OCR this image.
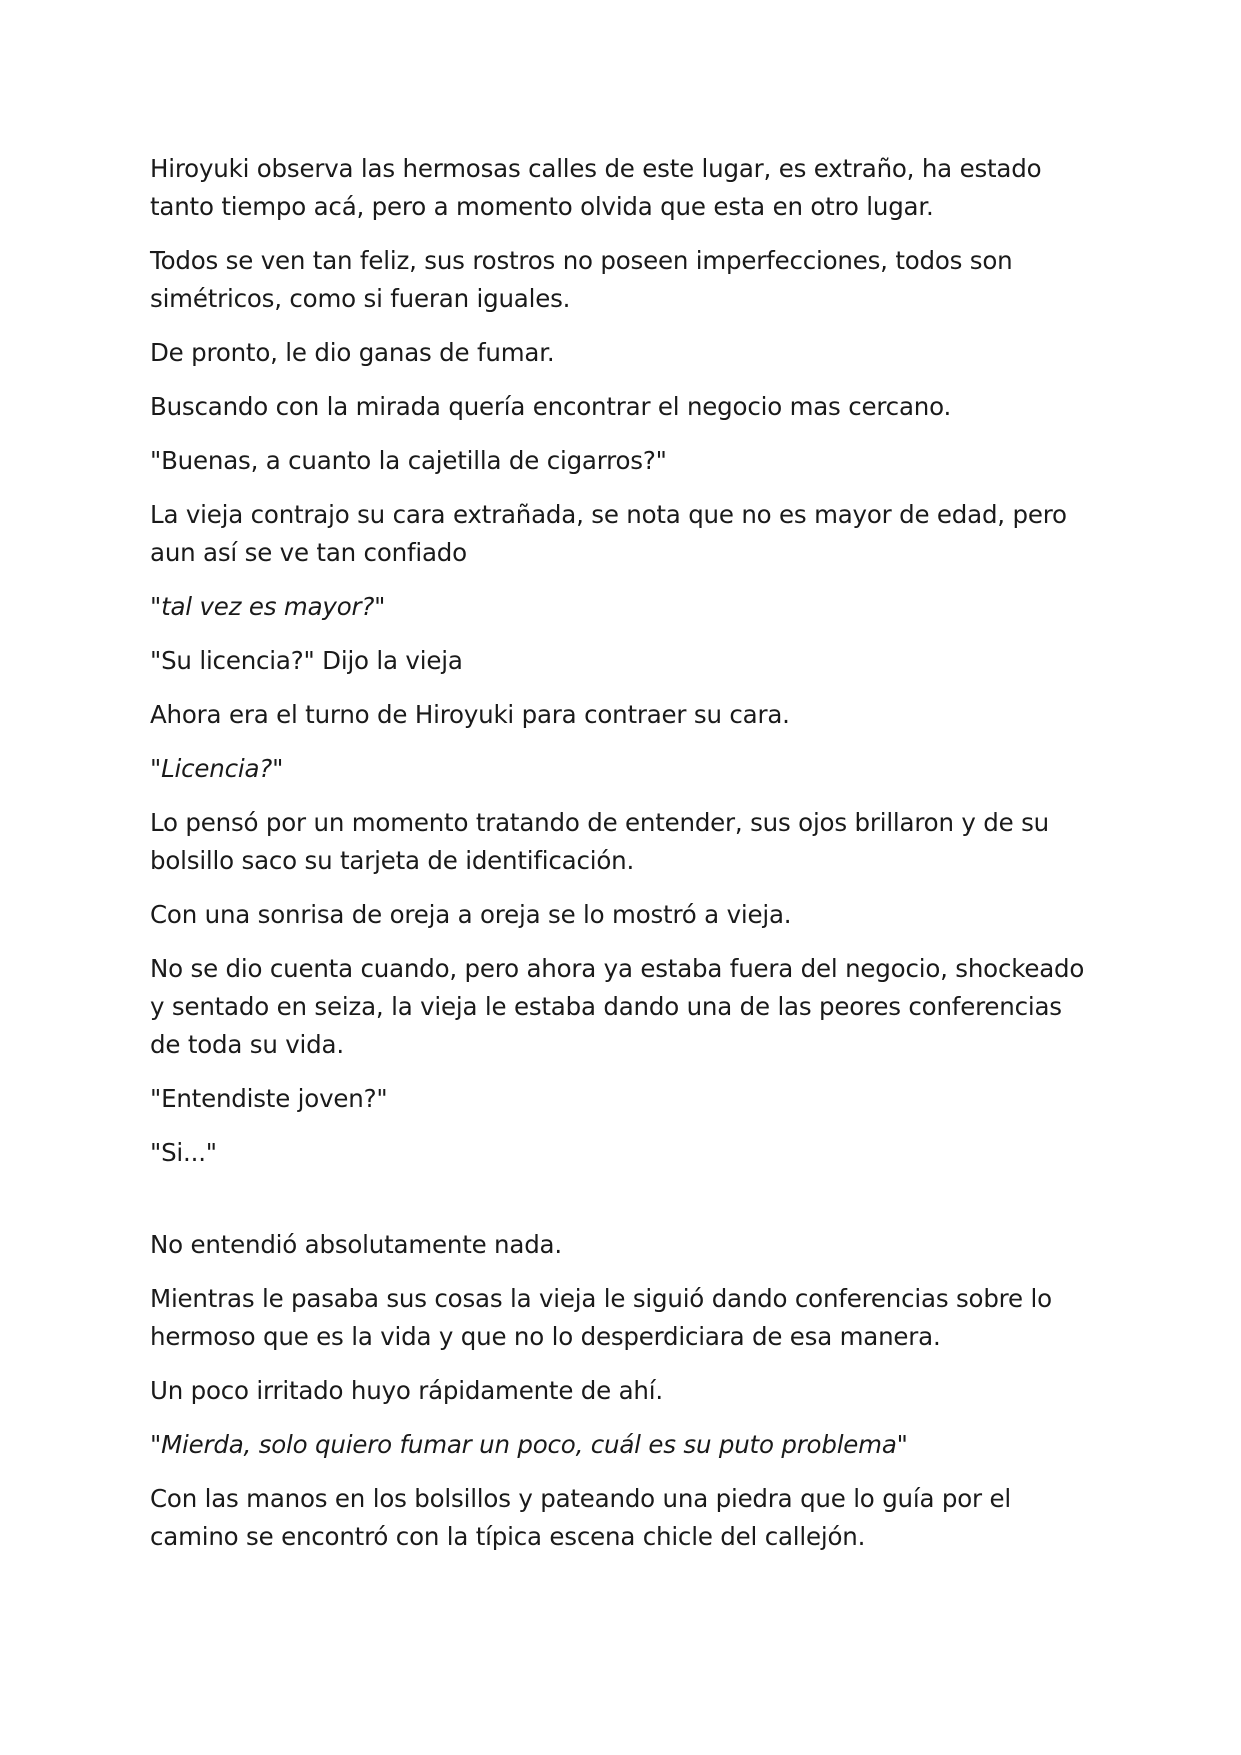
Hiroyuki observa las hermosas calles de este lugar, es extraño, ha estado tanto tiempo acá, pero a momento olvida que esta en otro lugar.

Todos se ven tan feliz, sus rostros no poseen imperfecciones, todos son simétricos, como si fueran iguales.

De pronto, le dio ganas de fumar.

Buscando con la mirada quería encontrar el negocio mas cercano.

"Buenas, a cuanto la cajetilla de cigarros?"

La vieja contrajo su cara extrañada, se nota que no es mayor de edad, pero aun así se ve tan confiado

"tal vez es mayor?"

"Su licencia?" Dijo la vieja

Ahora era el turno de Hiroyuki para contraer su cara.

"Licencia?"

Lo pensó por un momento tratando de entender, sus ojos brillaron y de su bolsillo saco su tarjeta de identificación.

Con una sonrisa de oreja a oreja se lo mostró a vieja.

No se dio cuenta cuando, pero ahora ya estaba fuera del negocio, shockeado y sentado en seiza, la vieja le estaba dando una de las peores conferencias de toda su vida.

"Entendiste joven?"

"Si..."

No entendió absolutamente nada.

Mientras le pasaba sus cosas la vieja le siguió dando conferencias sobre lo hermoso que es la vida y que no lo desperdiciara de esa manera.

Un poco irritado huyo rápidamente de ahí.

"Mierda, solo quiero fumar un poco, cuál es su puto problema"

Con las manos en los bolsillos y pateando una piedra que lo guía por el camino se encontró con la típica escena chicle del callejón.
